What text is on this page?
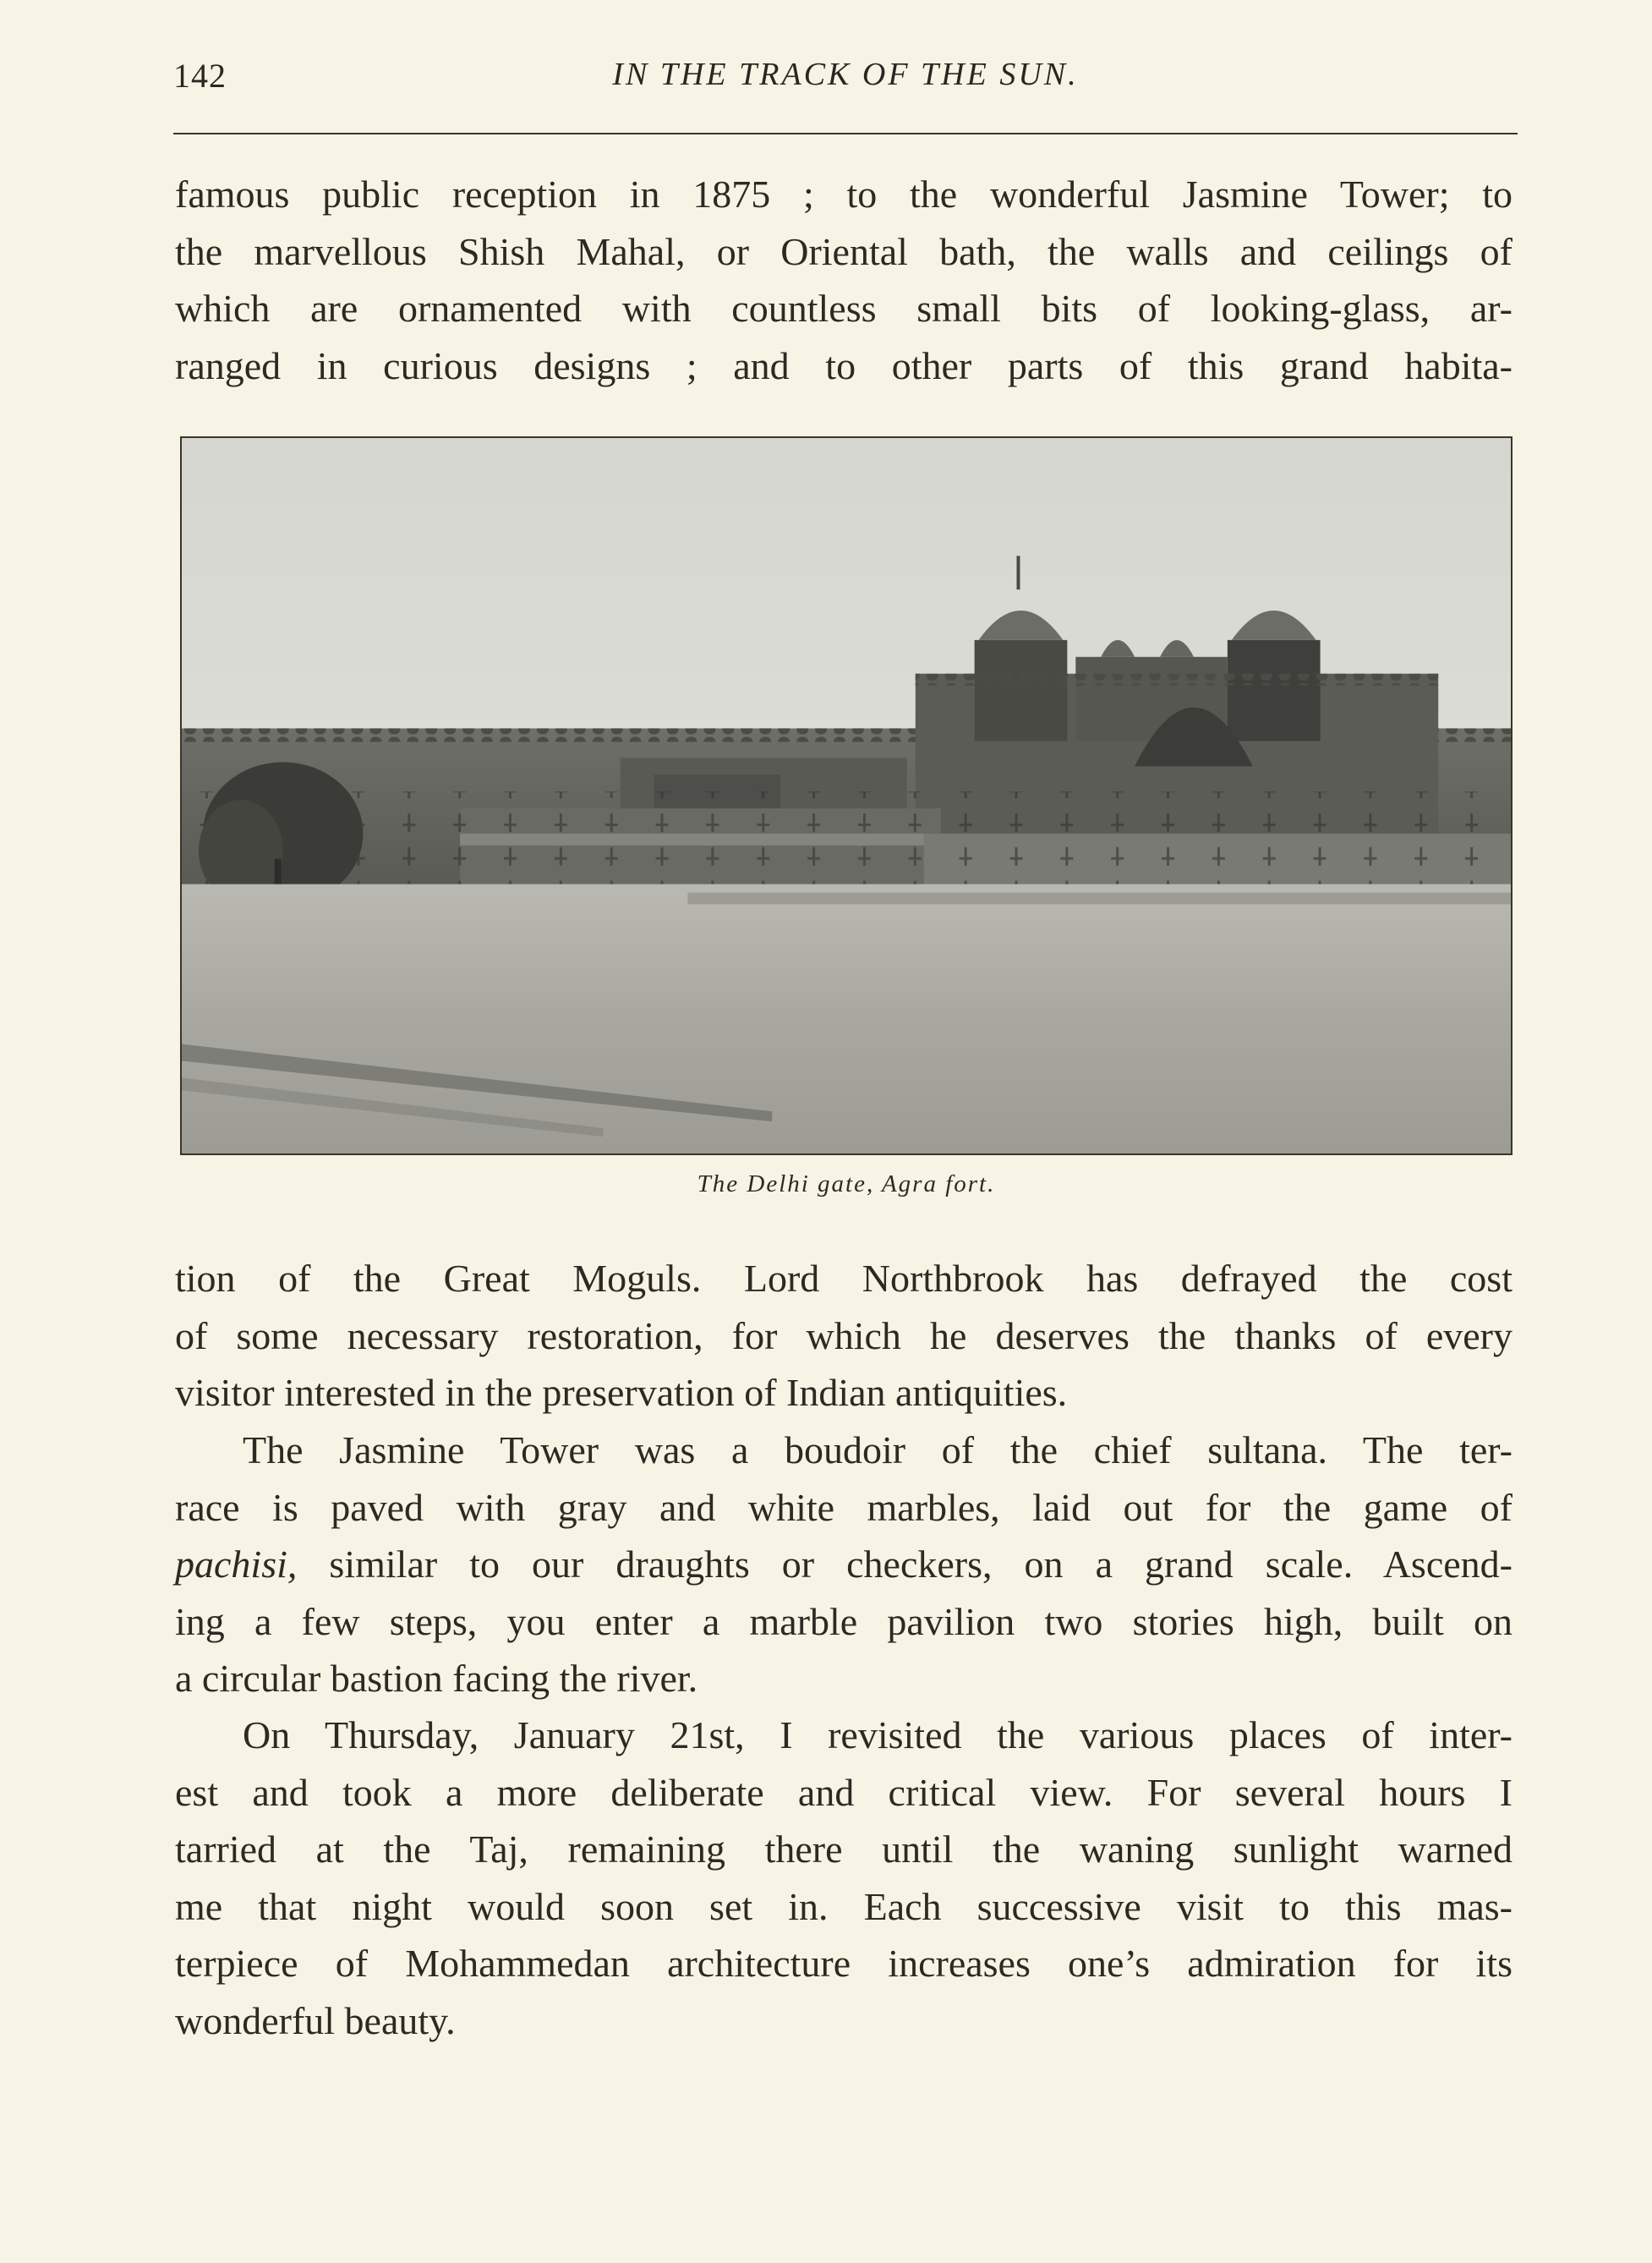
142	IN THE TRACK OF THE SUN.
famous public reception in 1875 ; to the wonderful Jasmine Tower; to
the marvellous Shish Mahal, or Oriental bath, the walls and ceilings of
which are ornamented with countless small bits of looking-glass, ar-
ranged in curious designs ; and to other parts of this grand habita-
The Delhi gate, Agra fort.
tion of the Great Moguls. Lord Northbrook has defrayed the cost
of some necessary restoration, for which he deserves the thanks of every
visitor interested in the preservation of Indian antiquities.
The Jasmine Tower was a boudoir of the chief sultana. The ter-
race is paved with gray and white marbles, laid out for the game of
pachisi, similar to our draughts or checkers, on a grand scale. Ascend-
ing a few steps, you enter a marble pavilion two stories high, built on
a circular bastion facing the river.
On Thursday, January 21st, I revisited the various places of inter-
est and took a more deliberate and critical view. For several hours I
tarried at the Taj, remaining there until the waning sunlight warned
me that night would soon set in. Each successive visit to this mas-
terpiece of Mohammedan architecture increases one’s admiration for its
wonderful beauty.
